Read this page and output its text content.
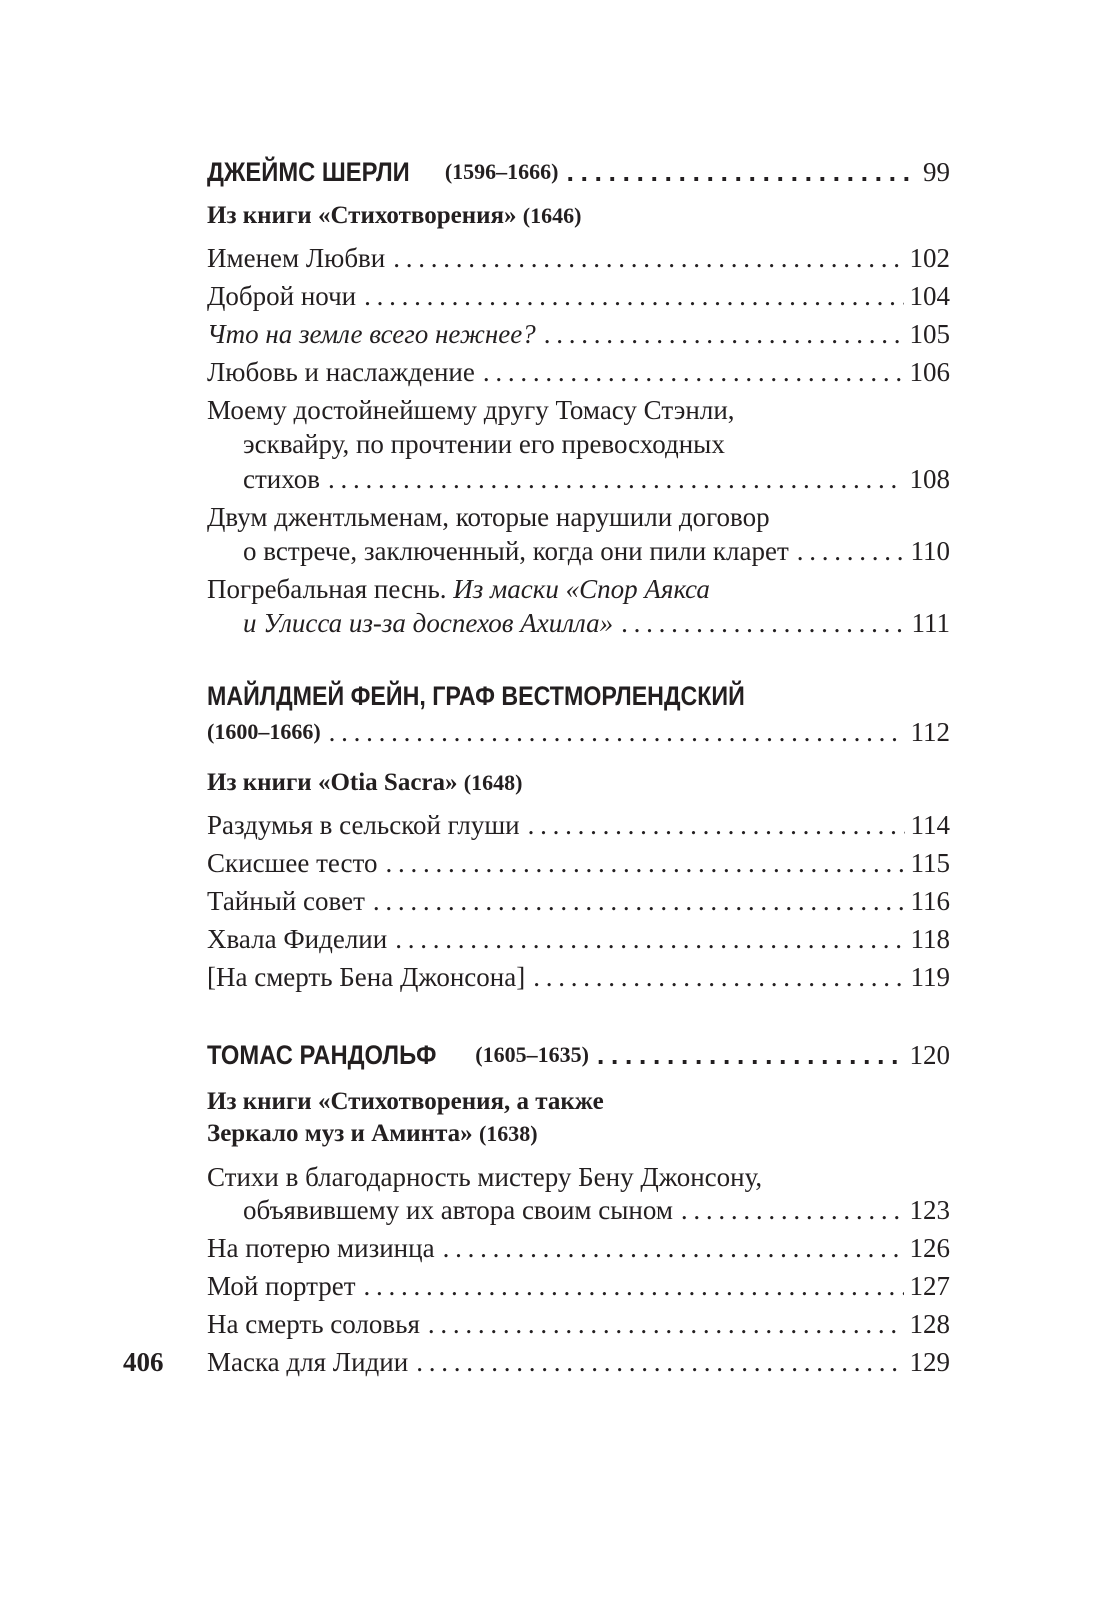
ДЖЕЙМС ШЕРЛИ
(1596–1666) . . .	99
Из книги «Стихотворения»
(1646)
Именем Любви . . .	102
Доброй ночи . . .	104
Что на земле всего нежнее? . . .	105
Любовь и наслаждение . . .	106
Моему достойнейшему другу Томасу Стэнли,
эсквайру, по прочтении его превосходных
стихов . . .	108
Двум джентльменам, которые нарушили договор
о встрече, заключенный, когда они пили кларет . . .	110
Погребальная песнь.
Из маски «Спор Аякса
и Улисса из-за доспехов Ахилла» . . .	111
МАЙЛДМЕЙ ФЕЙН, ГРАФ ВЕСТМОРЛЕНДСКИЙ
(1600–1666) . . .	112
Из книги «Otia Sacra»
(1648)
Раздумья в сельской глуши . . .	114
Скисшее тесто . . .	115
Тайный совет . . .	116
Хвала Фиделии . . .	118
[На смерть Бена Джонсона] . . .	119
ТОМАС РАНДОЛЬФ
(1605–1635) . . .	120
Из книги «Стихотворения, а также
Зеркало муз и Аминта»
(1638)
Стихи в благодарность мистеру Бену Джонсону,
объявившему их автора своим сыном . . .	123
На потерю мизинца . . .	126
Мой портрет . . .	127
На смерть соловья . . .	128
Маска для Лидии . . .	129
406
